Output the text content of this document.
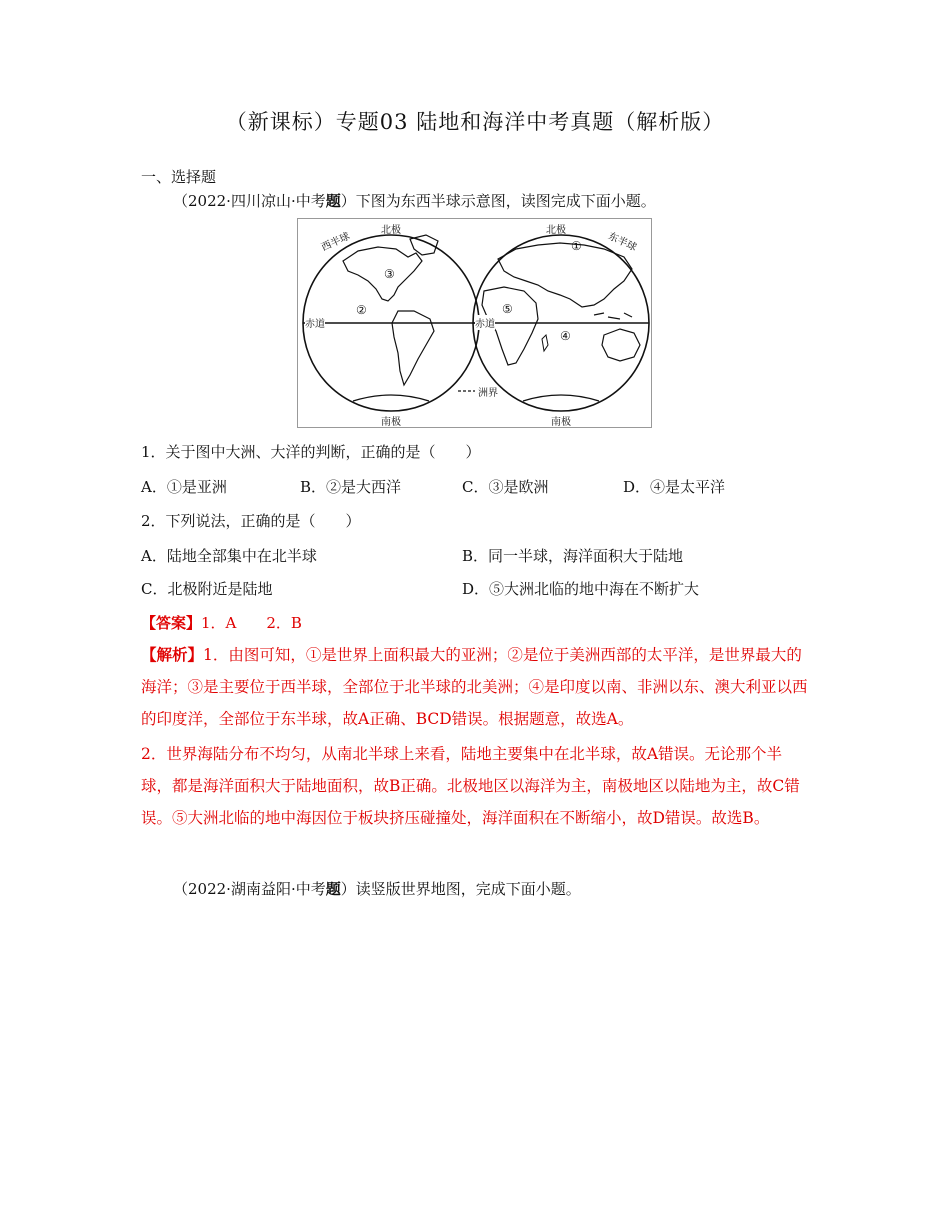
（新课标）专题03 陆地和海洋中考真题（解析版）
一、选择题
（2022·四川凉山·中考题）下图为东西半球示意图，读图完成下面小题。
北极	北极
南极	南极
西半球	东半球
赤道	赤道
洲界
①
②
③
④
⑤
1．关于图中大洲、大洋的判断，正确的是（　　）
A．①是亚洲	B．②是大西洋	C．③是欧洲	D．④是太平洋
2．下列说法，正确的是（　　）
A．陆地全部集中在北半球	B．同一半球，海洋面积大于陆地
C．北极附近是陆地	D．⑤大洲北临的地中海在不断扩大
【答案】1．A　　2．B
【解析】1．由图可知，①是世界上面积最大的亚洲；②是位于美洲西部的太平洋，是世界最大的海洋；③是主要位于西半球，全部位于北半球的北美洲；④是印度以南、非洲以东、澳大利亚以西的印度洋，全部位于东半球，故A正确、BCD错误。根据题意，故选A。
2．世界海陆分布不均匀，从南北半球上来看，陆地主要集中在北半球，故A错误。无论那个半球，都是海洋面积大于陆地面积，故B正确。北极地区以海洋为主，南极地区以陆地为主，故C错误。⑤大洲北临的地中海因位于板块挤压碰撞处，海洋面积在不断缩小，故D错误。故选B。
（2022·湖南益阳·中考题）读竖版世界地图，完成下面小题。
